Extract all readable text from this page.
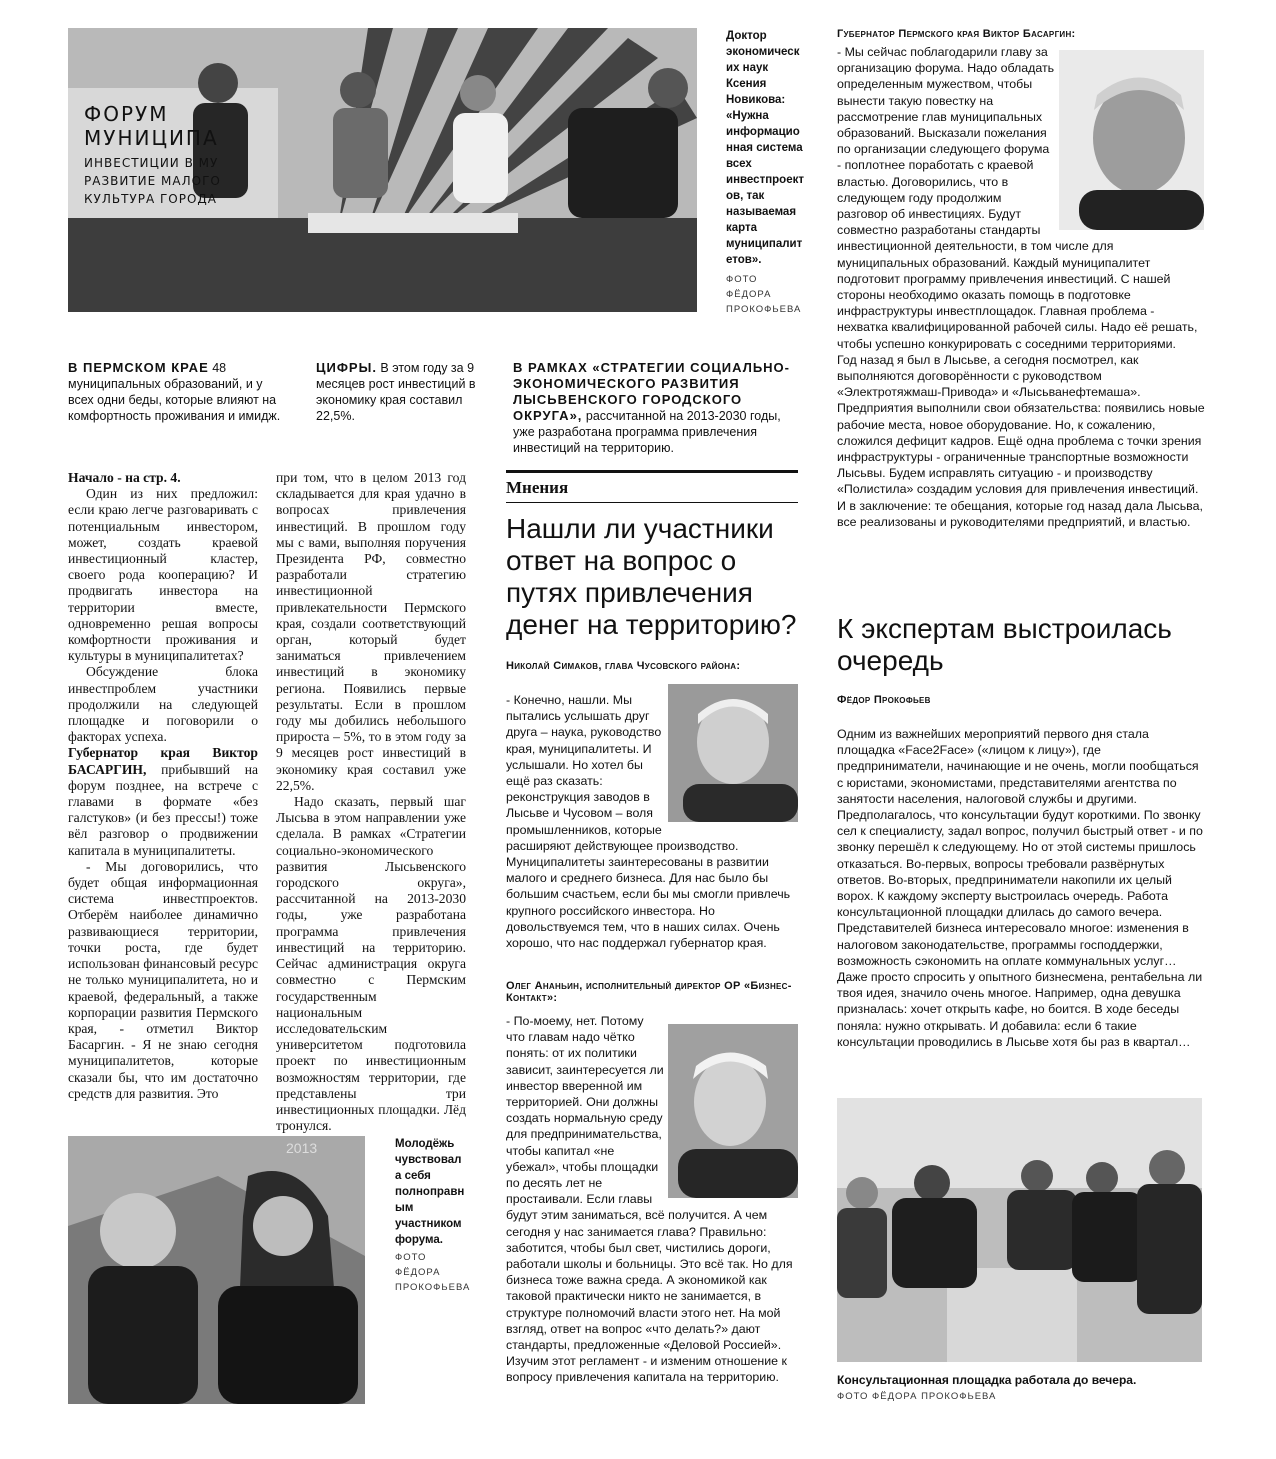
ФОРУМ
МУНИЦИПА
ИНВЕСТИЦИИ В МУ
РАЗВИТИЕ МАЛОГО
КУЛЬТУРА ГОРОДА
Доктор экономических наук Ксения Новикова: «Нужна информационная система всех инвестпроектов, так называемая карта муниципалитетов».
ФОТО ФЁДОРА ПРОКОФЬЕВА
В ПЕРМСКОМ КРАЕ 48 муниципальных образований, и у всех одни беды, которые влияют на комфортность проживания и имидж.
ЦИФРЫ. В этом году за 9 месяцев рост инвестиций в экономику края составил 22,5%.
В РАМКАХ «СТРАТЕГИИ СОЦИАЛЬНО-ЭКОНОМИЧЕСКОГО РАЗВИТИЯ ЛЫСЬВЕНСКОГО ГОРОДСКОГО ОКРУГА», рассчитанной на 2013-2030 годы, уже разработана программа привлечения инвестиций на территорию.

Начало - на стр. 4.

Один из них предложил: если краю легче разговаривать с потенциальным инвестором, может, создать краевой инвестиционный кластер, своего рода кооперацию? И продвигать инвестора на территории вместе, одновременно решая вопросы комфортности проживания и культуры в муниципалитетах?

Обсуждение блока инвестпроблем участники продолжили на следующей площадке и поговорили о факторах успеха.

Губернатор края Виктор БАСАРГИН, прибывший на форум позднее, на встрече с главами в формате «без галстуков» (и без прессы!) тоже вёл разговор о продвижении капитала в муниципалитеты.

- Мы договорились, что будет общая информационная система инвестпроектов. Отберём наиболее динамично развивающиеся территории, точки роста, где будет использован финансовый ресурс не только муниципалитета, но и краевой, федеральный, а также корпорации развития Пермского края, - отметил Виктор Басаргин. - Я не знаю сегодня муниципалитетов, которые сказали бы, что им достаточно средств для развития. Это

при том, что в целом 2013 год складывается для края удачно в вопросах привлечения инвестиций. В прошлом году мы с вами, выполняя поручения Президента РФ, совместно разработали стратегию инвестиционной привлекательности Пермского края, создали соответствующий орган, который будет заниматься привлечением инвестиций в экономику региона. Появились первые результаты. Если в прошлом году мы добились небольшого прироста – 5%, то в этом году за 9 месяцев рост инвестиций в экономику края составил уже 22,5%.

Надо сказать, первый шаг Лысьва в этом направлении уже сделала. В рамках «Стратегии социально-экономического развития Лысьвенского городского округа», рассчитанной на 2013-2030 годы, уже разработана программа привлечения инвестиций на территорию. Сейчас администрация округа совместно с Пермским государственным национальным исследовательским университетом подготовила проект по инвестиционным возможностям территории, где представлены три инвестиционных площадки. Лёд тронулся.

2013	Молодёжь чувствовала себя полноправным участником форума.
ФОТО ФЁДОРА ПРОКОФЬЕВА
Мнения
Нашли ли участники ответ на вопрос о путях привлечения денег на территорию?
Николай Симаков, глава Чусовского района:
- Конечно, нашли. Мы пытались услышать друг друга – наука, руководство края, муниципалитеты. И услышали. Но хотел бы ещё раз сказать: реконструкция заводов в Лысьве и Чусовом – воля промышленников, которые расширяют действующее производство. Муниципалитеты заинтересованы в развитии малого и среднего бизнеса. Для нас было бы большим счастьем, если бы мы смогли привлечь крупного российского инвестора. Но довольствуемся тем, что в наших силах. Очень хорошо, что нас поддержал губернатор края.
Олег Ананьин, исполнительный директор ОР «Бизнес-Контакт»:
- По-моему, нет. Потому что главам надо чётко понять: от их политики зависит, заинтересуется ли инвестор вверенной им территорией. Они должны создать нормальную среду для предпринимательства, чтобы капитал «не убежал», чтобы площадки по десять лет не простаивали. Если главы будут этим заниматься, всё получится. А чем сегодня у нас занимается глава? Правильно: заботится, чтобы был свет, чистились дороги, работали школы и больницы. Это всё так. Но для бизнеса тоже важна среда. А экономикой как таковой практически никто не занимается, в структуре полномочий власти этого нет. На мой взгляд, ответ на вопрос «что делать?» дают стандарты, предложенные «Деловой Россией». Изучим этот регламент - и изменим отношение к вопросу привлечения капитала на территорию.
Губернатор Пермского края Виктор Басаргин:

- Мы сейчас поблагодарили главу за организацию форума. Надо обладать определенным мужеством, чтобы вынести такую повестку на рассмотрение глав муниципальных образований. Высказали пожелания по организации следующего форума - поплотнее поработать с краевой властью. Договорились, что в следующем году продолжим разговор об инвестициях. Будут совместно разработаны стандарты инвестиционной деятельности, в том числе для муниципальных образований. Каждый муниципалитет подготовит программу привлечения инвестиций. С нашей стороны необходимо оказать помощь в подготовке инфраструктуры инвестплощадок. Главная проблема - нехватка квалифицированной рабочей силы. Надо её решать, чтобы успешно конкурировать с соседними территориями.

Год назад я был в Лысьве, а сегодня посмотрел, как выполняются договорённости с руководством «Электротяжмаш-Привода» и «Лысьванефтемаша». Предприятия выполнили свои обязательства: появились новые рабочие места, новое оборудование. Но, к сожалению, сложился дефицит кадров. Ещё одна проблема с точки зрения инфраструктуры - ограниченные транспортные возможности Лысьвы. Будем исправлять ситуацию - и производству «Полистила» создадим условия для привлечения инвестиций.

И в заключение: те обещания, которые год назад дала Лысьва, все реализованы и руководителями предприятий, и властью.

К экспертам выстроилась очередь
Фёдор Прокофьев

Одним из важнейших мероприятий первого дня стала площадка «Face2Face» («лицом к лицу»), где предприниматели, начинающие и не очень, могли пообщаться с юристами, экономистами, представителями агентства по занятости населения, налоговой службы и другими.

Предполагалось, что консультации будут короткими. По звонку сел к специалисту, задал вопрос, получил быстрый ответ - и по звонку перешёл к следующему. Но от этой системы пришлось отказаться. Во-первых, вопросы требовали развёрнутых ответов. Во-вторых, предприниматели накопили их целый ворох. К каждому эксперту выстроилась очередь. Работа консультационной площадки длилась до самого вечера.

Представителей бизнеса интересовало многое: изменения в налоговом законодательстве, программы господдержки, возможность сэкономить на оплате коммунальных услуг… Даже просто спросить у опытного бизнесмена, рентабельна ли твоя идея, значило очень многое. Например, одна девушка призналась: хочет открыть кафе, но боится. В ходе беседы поняла: нужно открывать. И добавила: если 6 такие консультации проводились в Лысьве хотя бы раз в квартал…

Консультационная площадка работала до вечера.
ФОТО ФЁДОРА ПРОКОФЬЕВА
